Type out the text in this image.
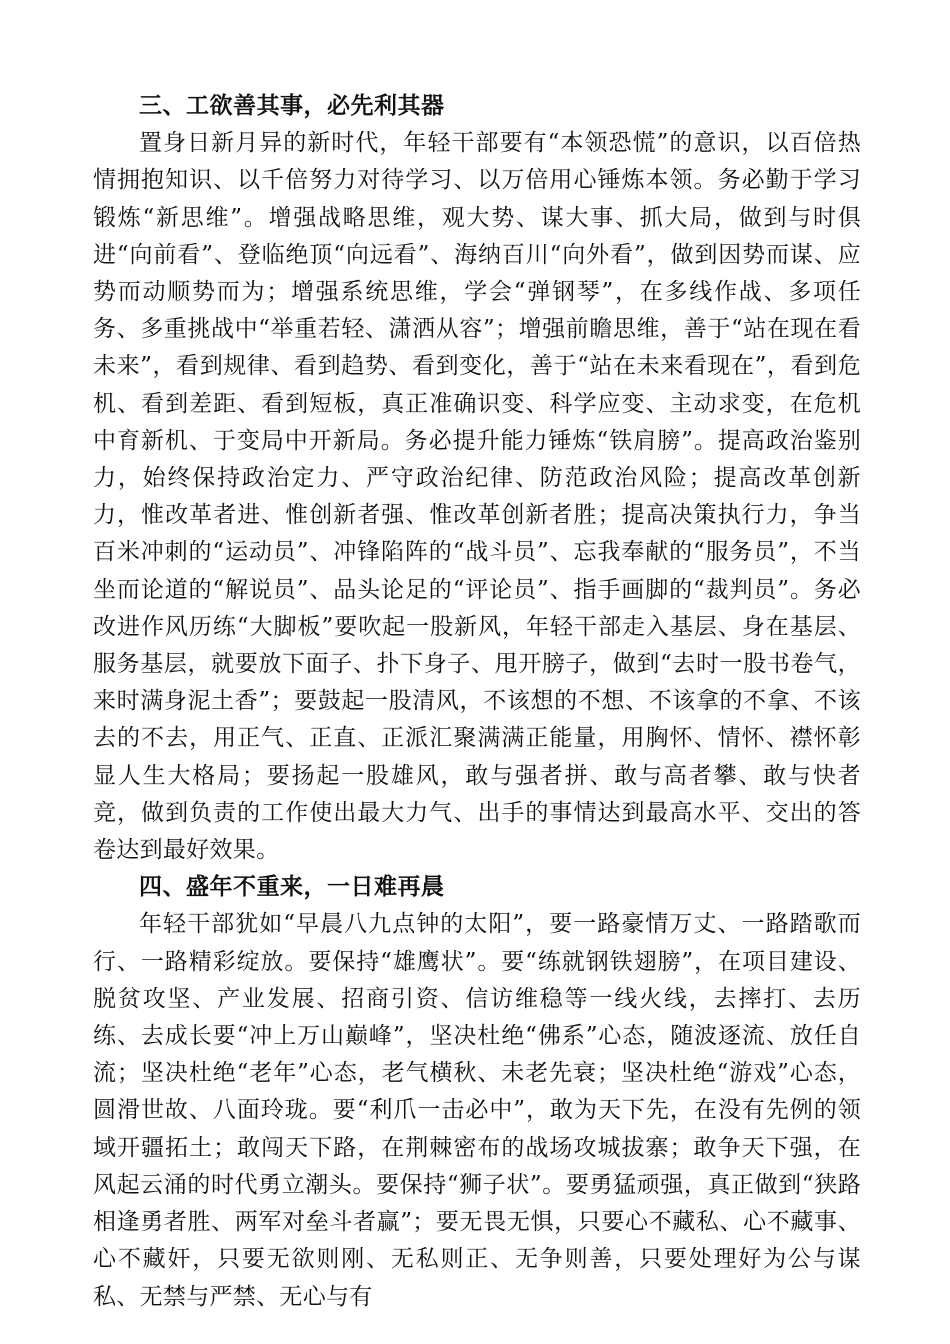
三、工欲善其事，必先利其器

置身日新月异的新时代，年轻干部要有“本领恐慌”的意识，以百倍热情拥抱知识、以千倍努力对待学习、以万倍用心锤炼本领。务必勤于学习锻炼“新思维”。增强战略思维，观大势、谋大事、抓大局，做到与时俱进“向前看”、登临绝顶“向远看”、海纳百川“向外看”，做到因势而谋、应势而动顺势而为；增强系统思维，学会“弹钢琴”，在多线作战、多项任务、多重挑战中“举重若轻、潇洒从容”；增强前瞻思维，善于“站在现在看未来”，看到规律、看到趋势、看到变化，善于“站在未来看现在”，看到危机、看到差距、看到短板，真正准确识变、科学应变、主动求变，在危机中育新机、于变局中开新局。务必提升能力锤炼“铁肩膀”。提高政治鉴别力，始终保持政治定力、严守政治纪律、防范政治风险；提高改革创新力，惟改革者进、惟创新者强、惟改革创新者胜；提高决策执行力，争当百米冲刺的“运动员”、冲锋陷阵的“战斗员”、忘我奉献的“服务员”，不当坐而论道的“解说员”、品头论足的“评论员”、指手画脚的“裁判员”。务必改进作风历练“大脚板”要吹起一股新风，年轻干部走入基层、身在基层、服务基层，就要放下面子、扑下身子、甩开膀子，做到“去时一股书卷气，来时满身泥土香”；要鼓起一股清风，不该想的不想、不该拿的不拿、不该去的不去，用正气、正直、正派汇聚满满正能量，用胸怀、情怀、襟怀彰显人生大格局；要扬起一股雄风，敢与强者拼、敢与高者攀、敢与快者竞，做到负责的工作使出最大力气、出手的事情达到最高水平、交出的答卷达到最好效果。

四、盛年不重来，一日难再晨

年轻干部犹如“早晨八九点钟的太阳”，要一路豪情万丈、一路踏歌而行、一路精彩绽放。要保持“雄鹰状”。要“练就钢铁翅膀”，在项目建设、脱贫攻坚、产业发展、招商引资、信访维稳等一线火线，去摔打、去历练、去成长要“冲上万山巅峰”，坚决杜绝“佛系”心态，随波逐流、放任自流；坚决杜绝“老年”心态，老气横秋、未老先衰；坚决杜绝“游戏”心态，圆滑世故、八面玲珑。要“利爪一击必中”，敢为天下先，在没有先例的领域开疆拓土；敢闯天下路，在荆棘密布的战场攻城拔寨；敢争天下强，在风起云涌的时代勇立潮头。要保持“狮子状”。要勇猛顽强，真正做到“狭路相逢勇者胜、两军对垒斗者赢”；要无畏无惧，只要心不藏私、心不藏事、心不藏奸，只要无欲则刚、无私则正、无争则善，只要处理好为公与谋私、无禁与严禁、无心与有
